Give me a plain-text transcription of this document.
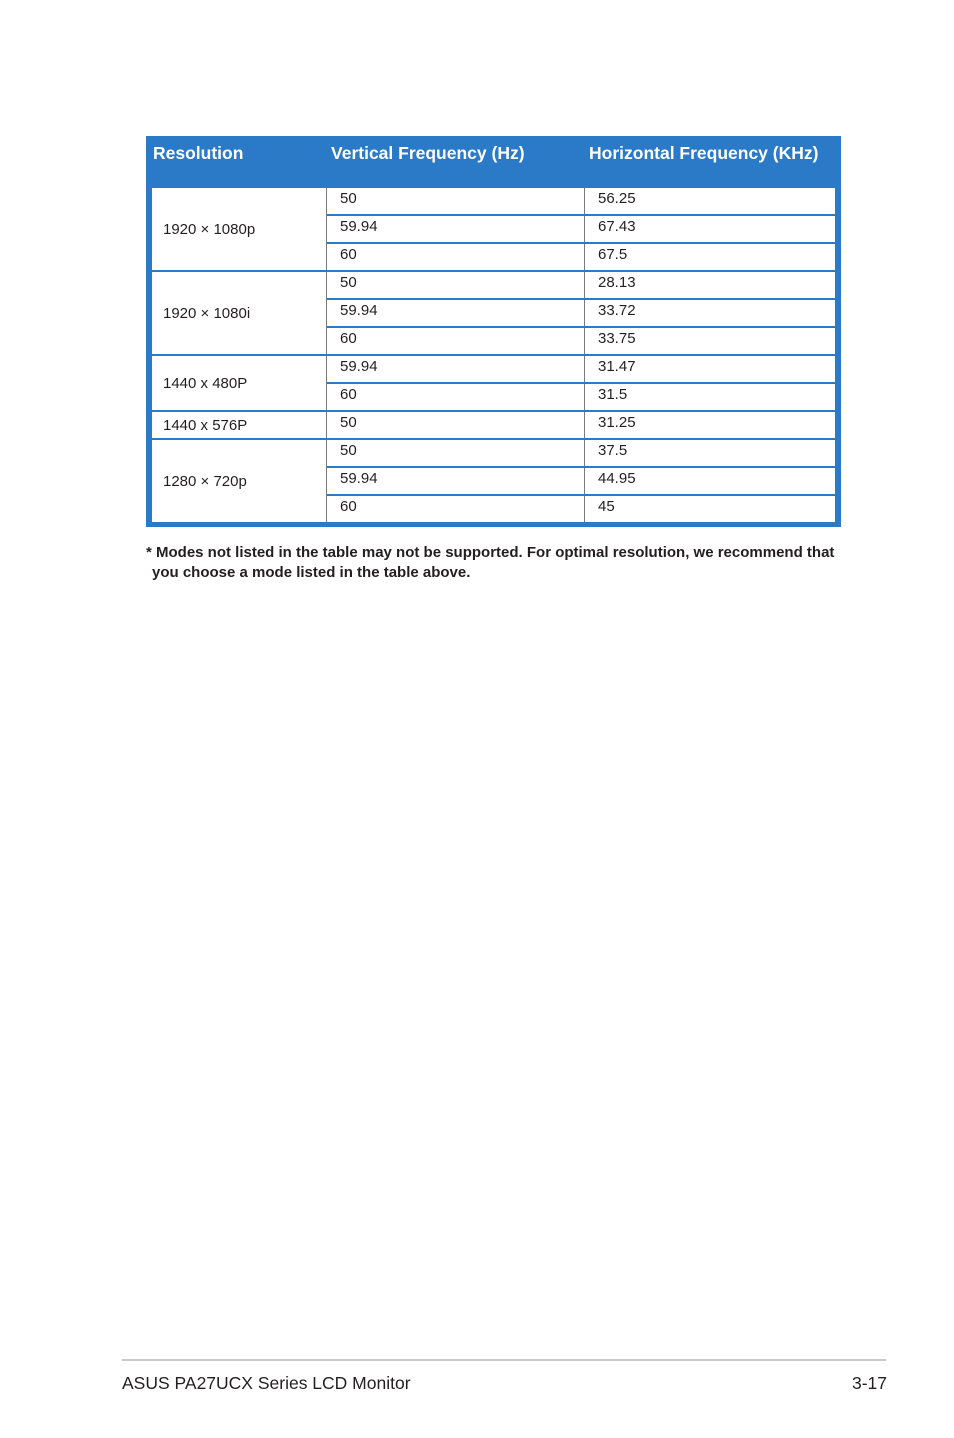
Resolution	Vertical Frequency (Hz)	Horizontal Frequency (KHz)
1920 × 1080p
50	56.25
59.94	67.43
60	67.5
1920 × 1080i
50	28.13
59.94	33.72
60	33.75
1440 x 480P
59.94	31.47
60	31.5
1440 x 576P	50	31.25
1280 × 720p
50	37.5
59.94	44.95
60	45
* Modes not listed in the table may not be supported. For optimal resolution, we recommend that
you choose a mode listed in the table above.
ASUS PA27UCX Series LCD Monitor	3-17
